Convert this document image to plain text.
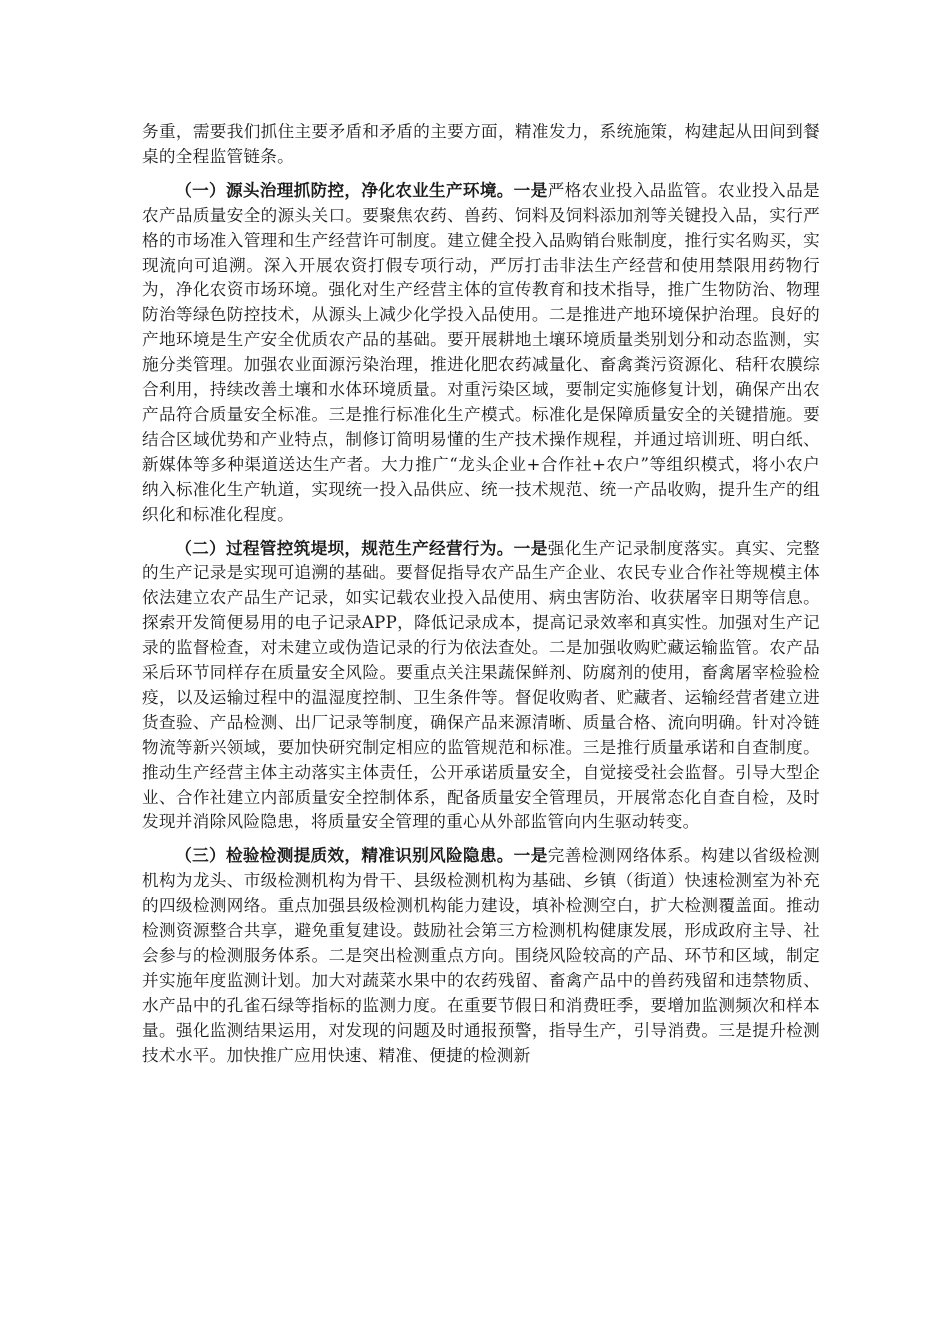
务重，需要我们抓住主要矛盾和矛盾的主要方面，精准发力，系统施策，构建起从田间到餐桌的全程监管链条。

（一）源头治理抓防控，净化农业生产环境。一是严格农业投入品监管。农业投入品是农产品质量安全的源头关口。要聚焦农药、兽药、饲料及饲料添加剂等关键投入品，实行严格的市场准入管理和生产经营许可制度。建立健全投入品购销台账制度，推行实名购买，实现流向可追溯。深入开展农资打假专项行动，严厉打击非法生产经营和使用禁限用药物行为，净化农资市场环境。强化对生产经营主体的宣传教育和技术指导，推广生物防治、物理防治等绿色防控技术，从源头上减少化学投入品使用。二是推进产地环境保护治理。良好的产地环境是生产安全优质农产品的基础。要开展耕地土壤环境质量类别划分和动态监测，实施分类管理。加强农业面源污染治理，推进化肥农药减量化、畜禽粪污资源化、秸秆农膜综合利用，持续改善土壤和水体环境质量。对重污染区域，要制定实施修复计划，确保产出农产品符合质量安全标准。三是推行标准化生产模式。标准化是保障质量安全的关键措施。要结合区域优势和产业特点，制修订简明易懂的生产技术操作规程，并通过培训班、明白纸、新媒体等多种渠道送达生产者。大力推广“龙头企业+合作社+农户”等组织模式，将小农户纳入标准化生产轨道，实现统一投入品供应、统一技术规范、统一产品收购，提升生产的组织化和标准化程度。

（二）过程管控筑堤坝，规范生产经营行为。一是强化生产记录制度落实。真实、完整的生产记录是实现可追溯的基础。要督促指导农产品生产企业、农民专业合作社等规模主体依法建立农产品生产记录，如实记载农业投入品使用、病虫害防治、收获屠宰日期等信息。探索开发简便易用的电子记录APP，降低记录成本，提高记录效率和真实性。加强对生产记录的监督检查，对未建立或伪造记录的行为依法查处。二是加强收购贮藏运输监管。农产品采后环节同样存在质量安全风险。要重点关注果蔬保鲜剂、防腐剂的使用，畜禽屠宰检验检疫，以及运输过程中的温湿度控制、卫生条件等。督促收购者、贮藏者、运输经营者建立进货查验、产品检测、出厂记录等制度，确保产品来源清晰、质量合格、流向明确。针对冷链物流等新兴领域，要加快研究制定相应的监管规范和标准。三是推行质量承诺和自查制度。推动生产经营主体主动落实主体责任，公开承诺质量安全，自觉接受社会监督。引导大型企业、合作社建立内部质量安全控制体系，配备质量安全管理员，开展常态化自查自检，及时发现并消除风险隐患，将质量安全管理的重心从外部监管向内生驱动转变。

（三）检验检测提质效，精准识别风险隐患。一是完善检测网络体系。构建以省级检测机构为龙头、市级检测机构为骨干、县级检测机构为基础、乡镇（街道）快速检测室为补充的四级检测网络。重点加强县级检测机构能力建设，填补检测空白，扩大检测覆盖面。推动检测资源整合共享，避免重复建设。鼓励社会第三方检测机构健康发展，形成政府主导、社会参与的检测服务体系。二是突出检测重点方向。围绕风险较高的产品、环节和区域，制定并实施年度监测计划。加大对蔬菜水果中的农药残留、畜禽产品中的兽药残留和违禁物质、水产品中的孔雀石绿等指标的监测力度。在重要节假日和消费旺季，要增加监测频次和样本量。强化监测结果运用，对发现的问题及时通报预警，指导生产，引导消费。三是提升检测技术水平。加快推广应用快速、精准、便捷的检测新
